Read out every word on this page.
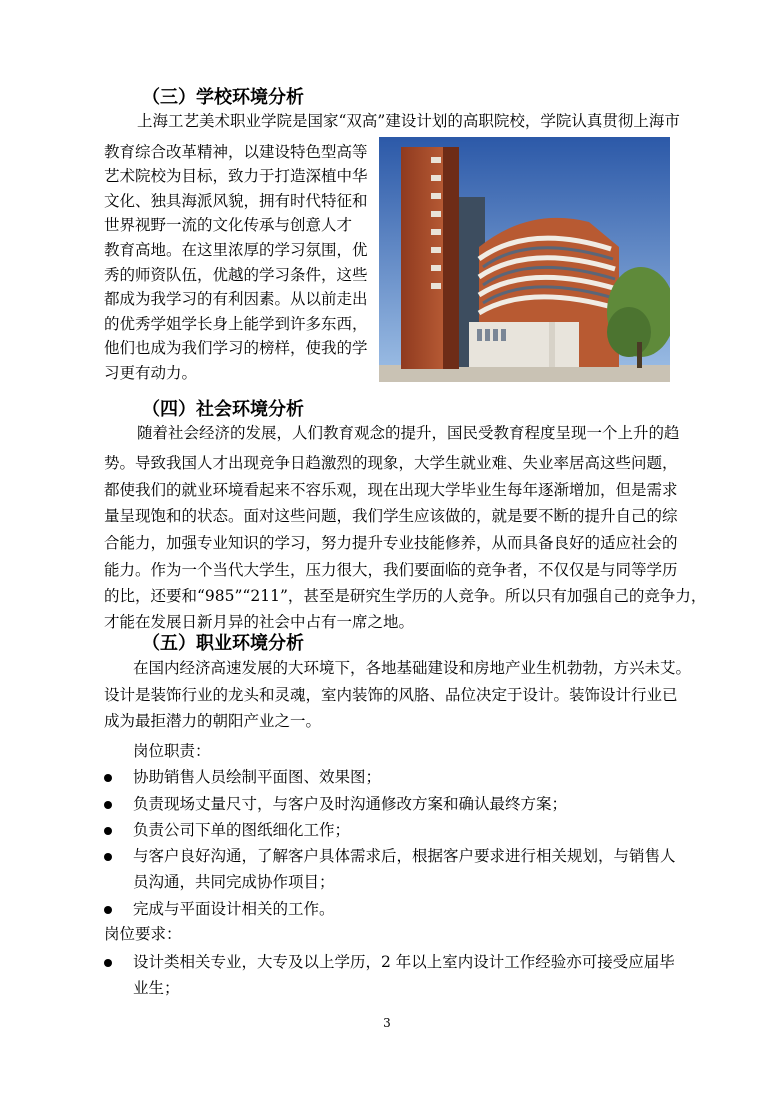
（三）学校环境分析
上海工艺美术职业学院是国家“双高”建设计划的高职院校，学院认真贯彻上海市
教育综合改革精神，以建设特色型高等
艺术院校为目标，致力于打造深植中华
文化、独具海派风貌，拥有时代特征和
世界视野一流的文化传承与创意人才
教育高地。在这里浓厚的学习氛围，优
秀的师资队伍，优越的学习条件，这些
都成为我学习的有利因素。从以前走出
的优秀学姐学长身上能学到许多东西，
他们也成为我们学习的榜样，使我的学
习更有动力。
（四）社会环境分析
随着社会经济的发展，人们教育观念的提升，国民受教育程度呈现一个上升的趋
势。导致我国人才出现竞争日趋激烈的现象，大学生就业难、失业率居高这些问题，
都使我们的就业环境看起来不容乐观，现在出现大学毕业生每年逐渐增加，但是需求
量呈现饱和的状态。面对这些问题，我们学生应该做的，就是要不断的提升自己的综
合能力，加强专业知识的学习，努力提升专业技能修养，从而具备良好的适应社会的
能力。作为一个当代大学生，压力很大，我们要面临的竞争者，不仅仅是与同等学历
的比，还要和“985”“211”，甚至是研究生学历的人竞争。所以只有加强自己的竞争力，
才能在发展日新月异的社会中占有一席之地。
（五）职业环境分析
在国内经济高速发展的大环境下，各地基础建设和房地产业生机勃勃，方兴未艾。
设计是装饰行业的龙头和灵魂，室内装饰的风胳、品位决定于设计。装饰设计行业已
成为最拒潜力的朝阳产业之一。
岗位职责：
协助销售人员绘制平面图、效果图；
负责现场丈量尺寸，与客户及时沟通修改方案和确认最终方案；
负责公司下单的图纸细化工作；
与客户良好沟通，了解客户具体需求后，根据客户要求进行相关规划，与销售人
员沟通，共同完成协作项目；
完成与平面设计相关的工作。
岗位要求：
设计类相关专业，大专及以上学历，2 年以上室内设计工作经验亦可接受应届毕
业生；
3
